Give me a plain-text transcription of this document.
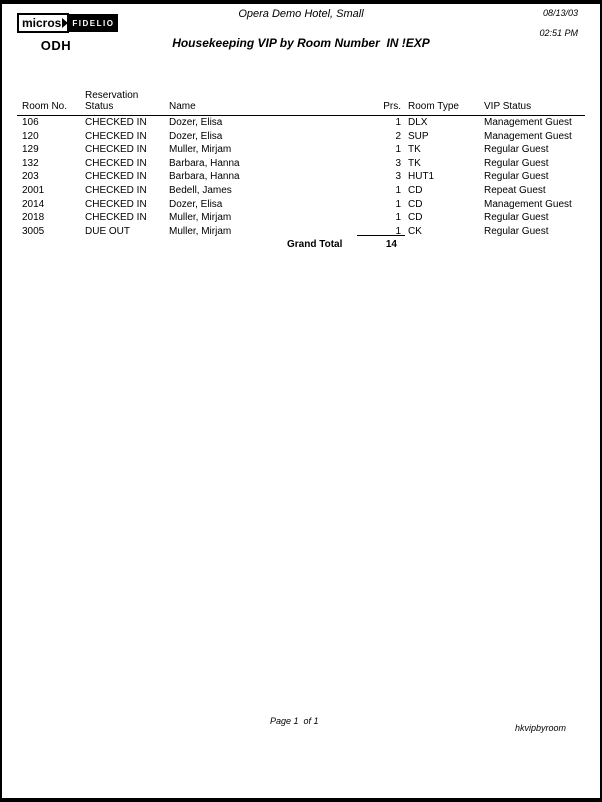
micros	FIDELIO
ODH
Opera Demo Hotel, Small
Housekeeping VIP by Room Number  IN !EXP
08/13/03
02:51 PM
Room No.	Reservation Status	Name	Prs.	Room Type	VIP Status
106	CHECKED IN	Dozer, Elisa	1	DLX	Management Guest
120	CHECKED IN	Dozer, Elisa	2	SUP	Management Guest
129	CHECKED IN	Muller, Mirjam	1	TK	Regular Guest
132	CHECKED IN	Barbara, Hanna	3	TK	Regular Guest
203	CHECKED IN	Barbara, Hanna	3	HUT1	Regular Guest
2001	CHECKED IN	Bedell, James	1	CD	Repeat Guest
2014	CHECKED IN	Dozer, Elisa	1	CD	Management Guest
2018	CHECKED IN	Muller, Mirjam	1	CD	Regular Guest
3005	DUE OUT	Muller, Mirjam	1	CK	Regular Guest
Grand Total	14
Page 1  of 1
hkvipbyroom
